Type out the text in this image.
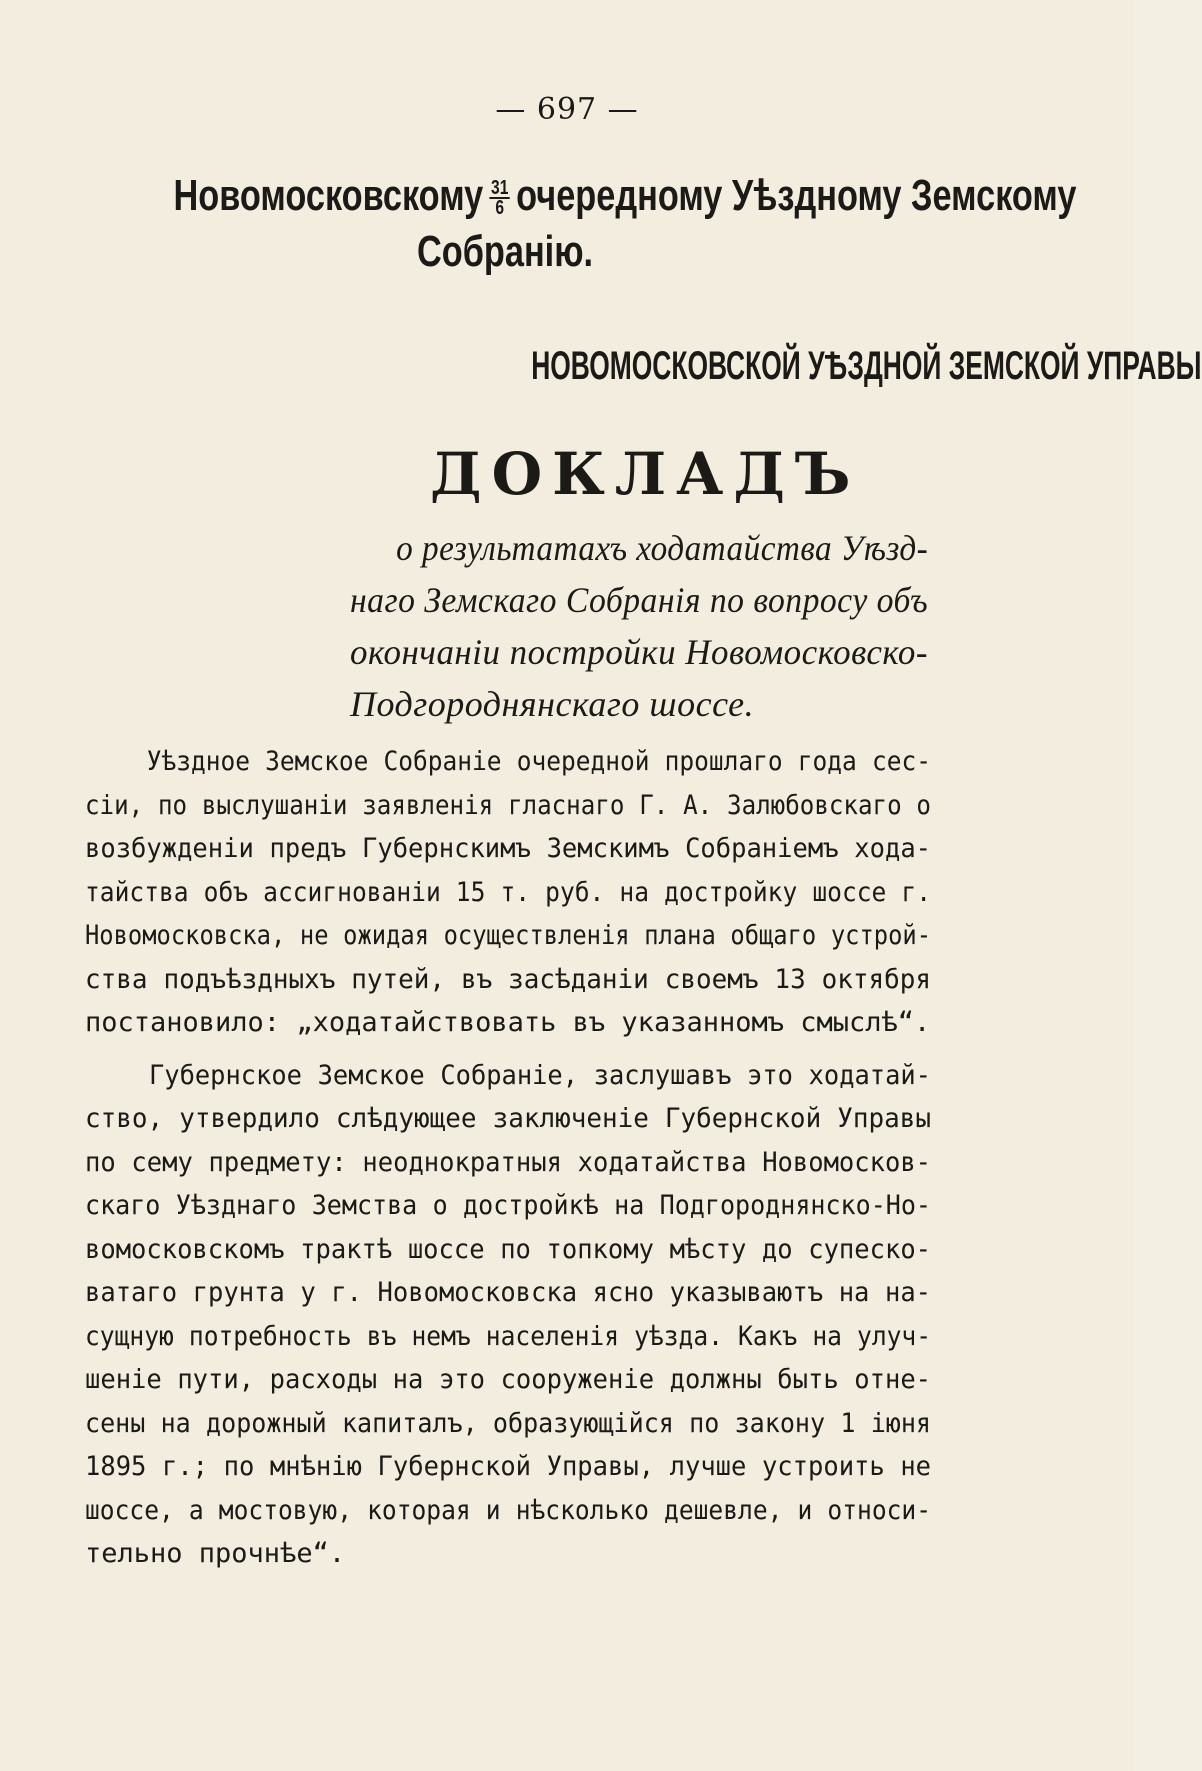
— 697 —
Новомосковскому $\frac{31}{6}$ очередному Уѣздному Земскому
Собранію.
НОВОМОСКОВСКОЙ УѢЗДНОЙ ЗЕМСКОЙ УПРАВЫ
ДОКЛАДЪ
о результатахъ ходатайства Уѣзд-
наго Земскаго Собранія по вопросу объ
окончаніи постройки Новомосковско-
Подгороднянскаго шоссе.
Уѣздное Земское Собраніе очередной прошлаго года сес-
сіи, по выслушаніи заявленія гласнаго Г. А. Залюбовскаго о
возбужденіи предъ Губернскимъ Земскимъ Собраніемъ хода-
тайства объ ассигнованіи 15 т. руб. на достройку шоссе г.
Новомосковска, не ожидая осуществленія плана общаго устрой-
ства подъѣздныхъ путей, въ засѣданіи своемъ 13 октября
постановило: „ходатайствовать въ указанномъ смыслѣ“.
Губернское Земское Собраніе, заслушавъ это ходатай-
ство, утвердило слѣдующее заключеніе Губернской Управы
по сему предмету: неоднократныя ходатайства Новомосков-
скаго Уѣзднаго Земства о достройкѣ на Подгороднянско-Но-
вомосковскомъ трактѣ шоссе по топкому мѣсту до супеско-
ватаго грунта у г. Новомосковска ясно указываютъ на на-
сущную потребность въ немъ населенія уѣзда. Какъ на улуч-
шеніе пути, расходы на это сооруженіе должны быть отне-
сены на дорожный капиталъ, образующійся по закону 1 іюня
1895 г.; по мнѣнію Губернской Управы, лучше устроить не
шоссе, а мостовую, которая и нѣсколько дешевле, и относи-
тельно прочнѣе“.
